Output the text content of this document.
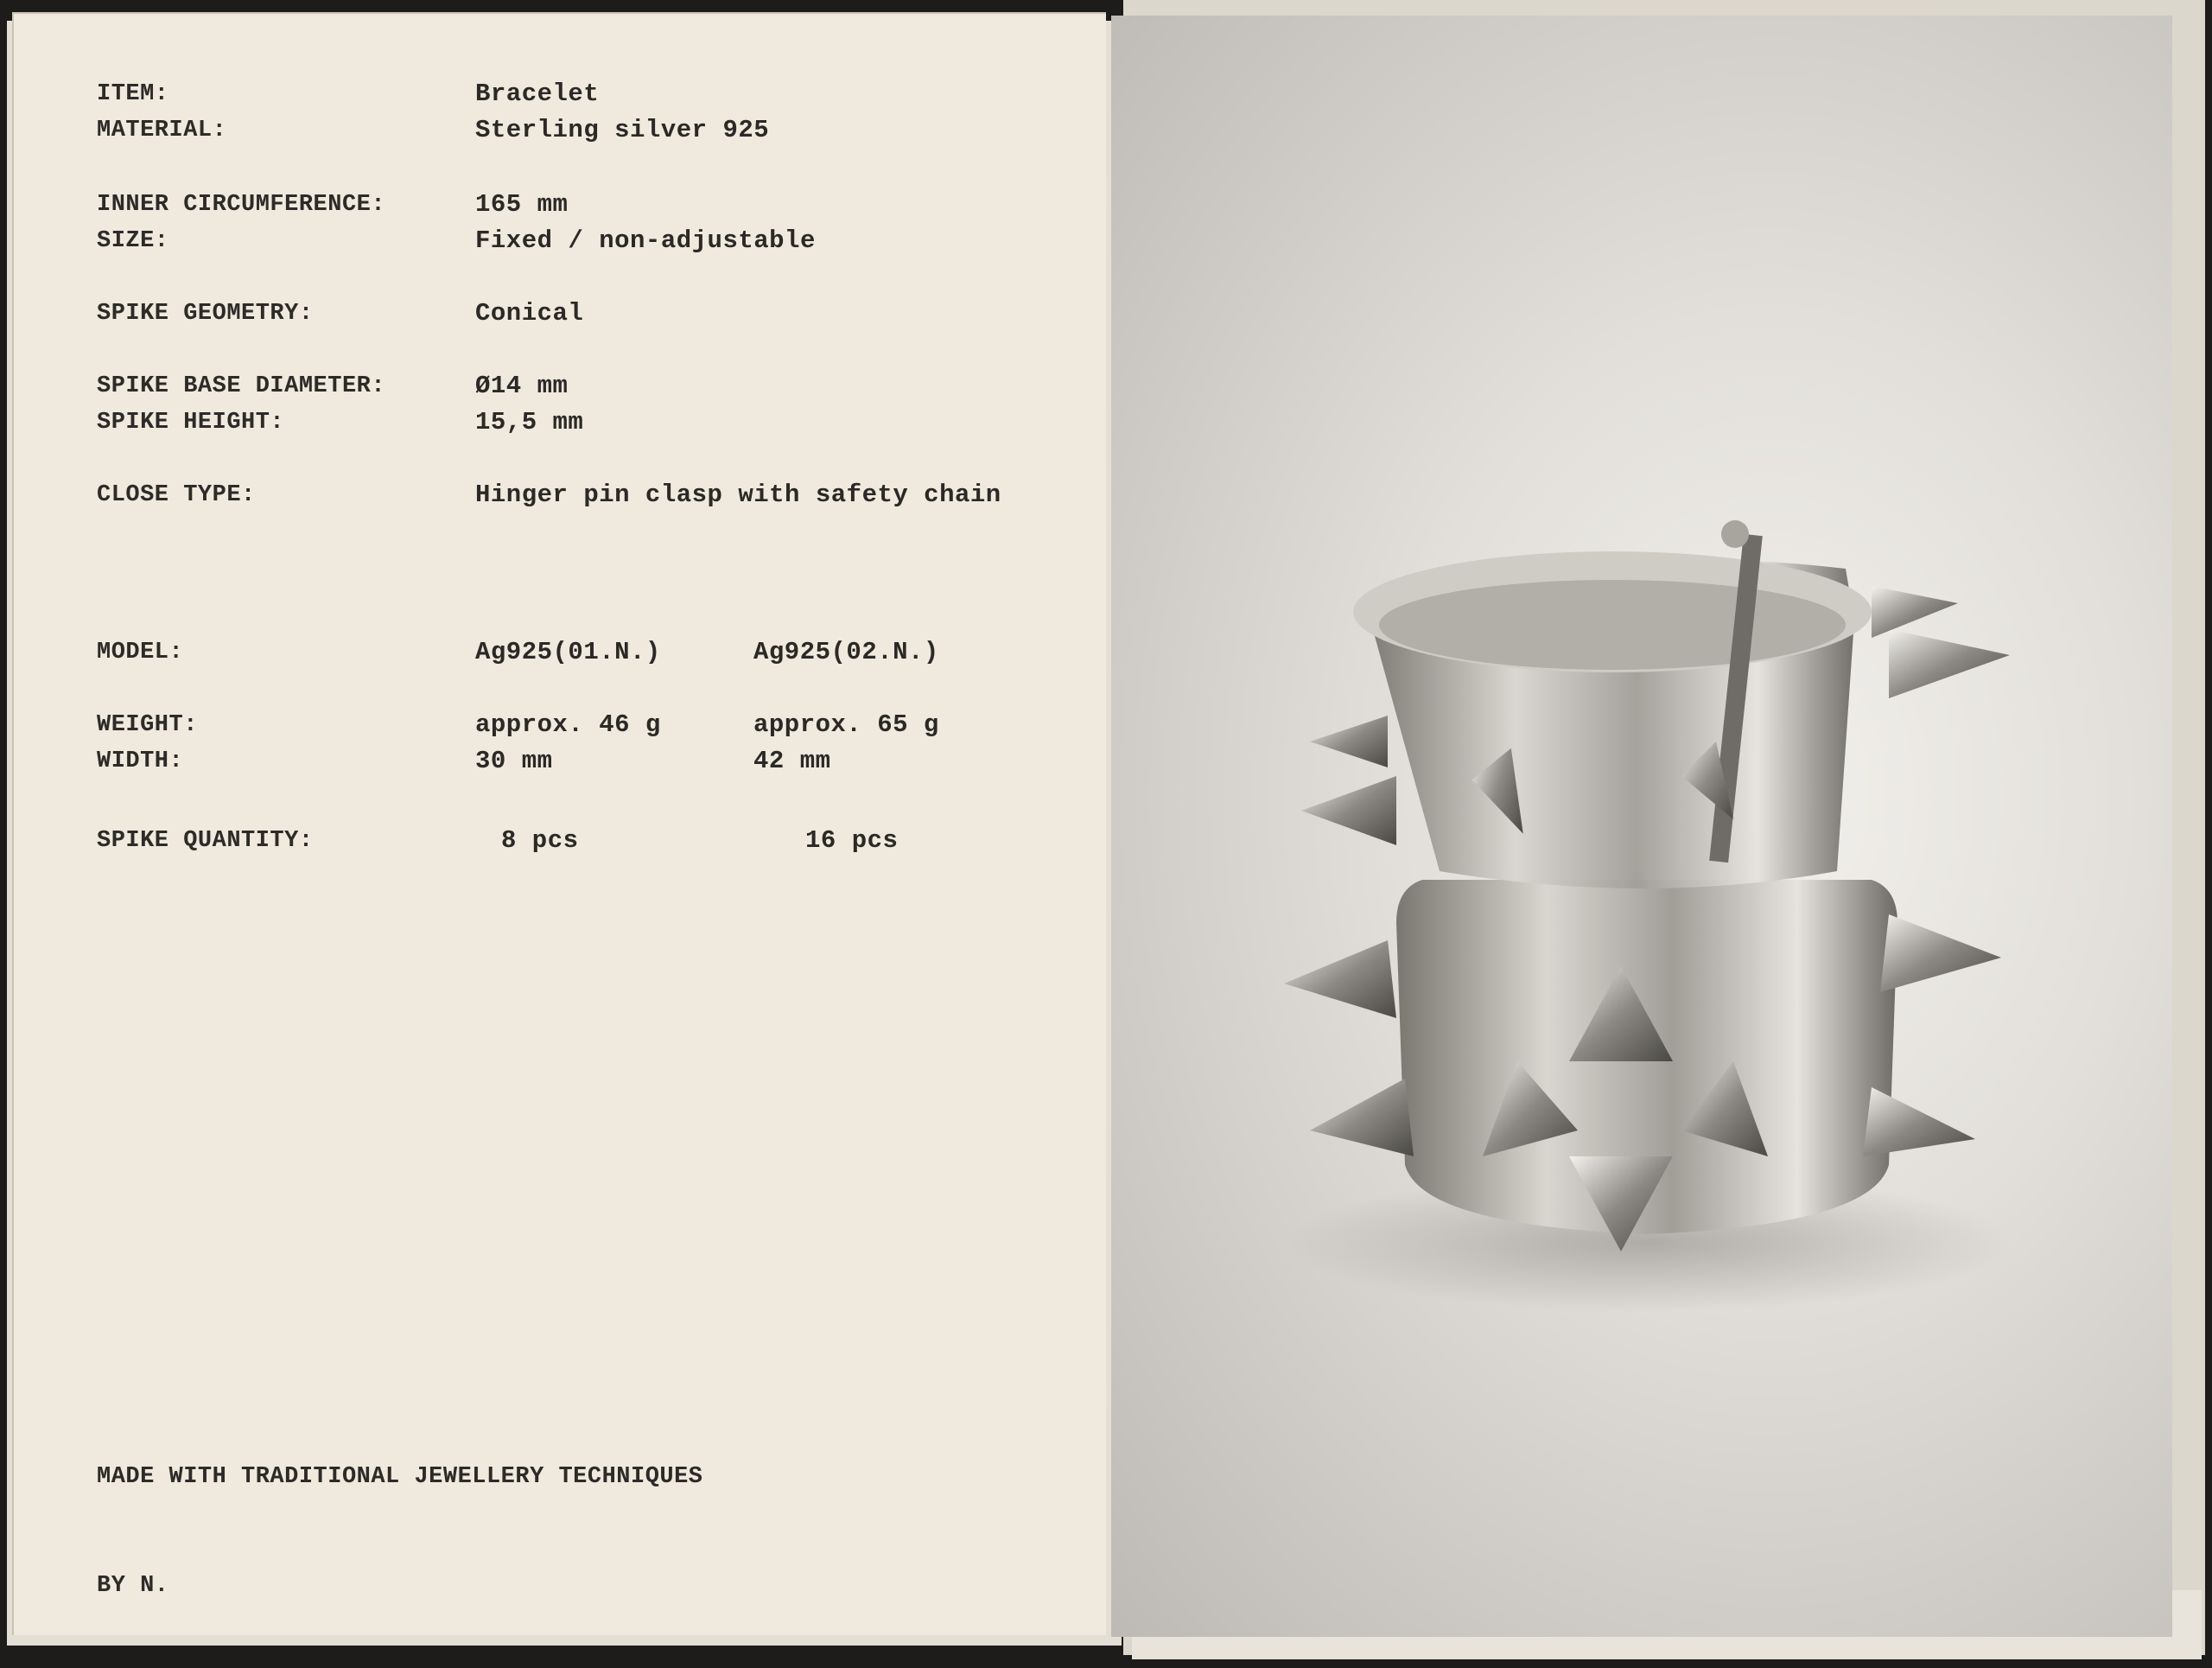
ITEM:	Bracelet
MATERIAL:	Sterling silver 925
INNER CIRCUMFERENCE:	165 mm
SIZE:	Fixed / non-adjustable
SPIKE GEOMETRY:	Conical
SPIKE BASE DIAMETER:	Ø14 mm
SPIKE HEIGHT:	15,5 mm
CLOSE TYPE:	Hinger pin clasp with safety chain
MODEL:	Ag925(01.N.)	Ag925(02.N.)
WEIGHT:	approx. 46 g	approx. 65 g
WIDTH:	30 mm	42 mm
SPIKE QUANTITY:	8 pcs	16 pcs
MADE WITH TRADITIONAL JEWELLERY TECHNIQUES
BY N.
